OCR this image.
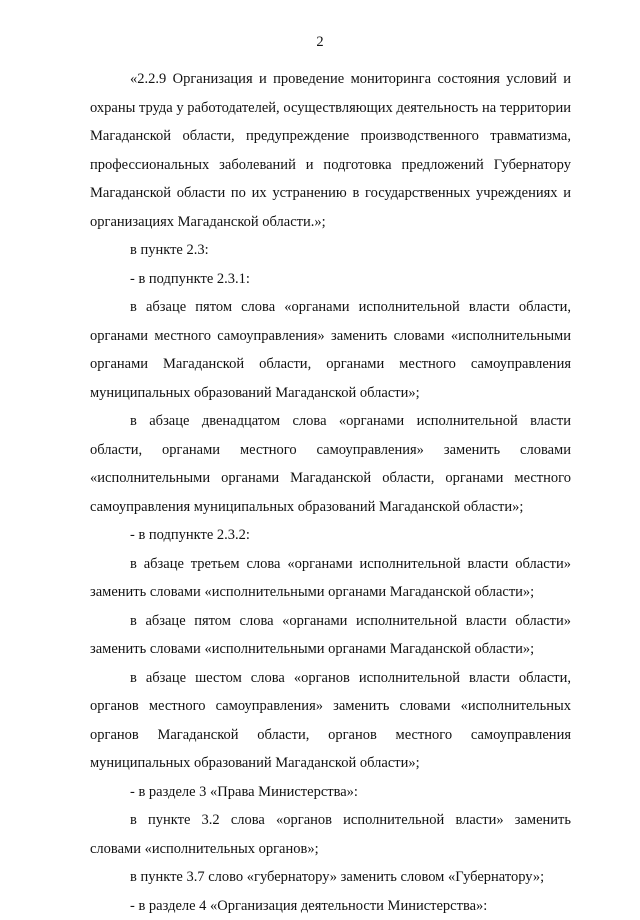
2

«2.2.9 Организация и проведение мониторинга состояния условий и охраны труда у работодателей, осуществляющих деятельность на территории Магаданской области, предупреждение производственного травматизма, профессиональных заболеваний и подготовка предложений Губернатору Магаданской области по их устранению в государственных учреждениях и организациях Магаданской области.»;

в пункте 2.3:

- в подпункте 2.3.1:

в абзаце пятом слова «органами исполнительной власти области, органами местного самоуправления» заменить словами «исполнительными органами Магаданской области, органами местного самоуправления муниципальных образований Магаданской области»;

в абзаце двенадцатом слова «органами исполнительной власти области, органами местного самоуправления» заменить словами «исполнительными органами Магаданской области, органами местного самоуправления муниципальных образований Магаданской области»;

- в подпункте 2.3.2:

в абзаце третьем слова «органами исполнительной власти области» заменить словами «исполнительными органами Магаданской области»;

в абзаце пятом слова «органами исполнительной власти области» заменить словами «исполнительными органами Магаданской области»;

в абзаце шестом слова «органов исполнительной власти области, органов местного самоуправления» заменить словами «исполнительных органов Магаданской области, органов местного самоуправления муниципальных образований Магаданской области»;

- в разделе 3 «Права Министерства»:

в пункте 3.2 слова «органов исполнительной власти» заменить словами «исполнительных органов»;

в пункте 3.7 слово «губернатору» заменить словом «Губернатору»;

- в разделе 4 «Организация деятельности Министерства»:
